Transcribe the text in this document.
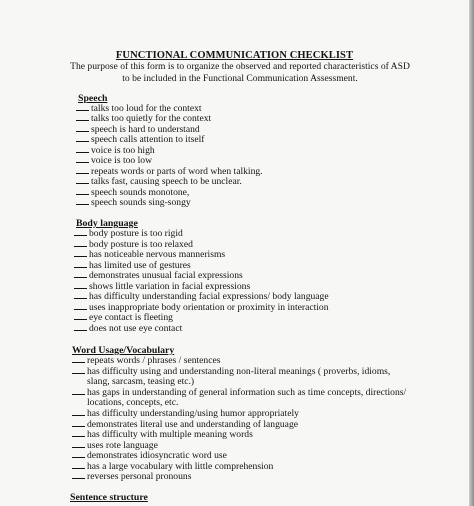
FUNCTIONAL COMMUNICATION CHECKLIST
The purpose of this form is to organize the observed and reported characteristics of ASD
to be included in the Functional Communication Assessment.
Speech
talks too loud for the context
talks too quietly for the context
speech is hard to understand
speech calls attention to itself
voice is too high
voice is too low
repeats words or parts of word when talking.
talks fast, causing speech to be unclear.
speech sounds monotone,
speech sounds sing-songy
Body language
body posture is too rigid
body posture is too relaxed
has noticeable nervous mannerisms
has limited use of gestures
demonstrates unusual facial expressions
shows little variation in facial expressions
has difficulty understanding facial expressions/ body language
uses inappropriate body orientation or proximity in interaction
eye contact is fleeting
does not use eye contact
Word Usage/Vocabulary
repeats words / phrases / sentences
has difficulty using and understanding non-literal meanings ( proverbs, idioms,
slang, sarcasm, teasing etc.)
has gaps in understanding of general information such as time concepts, directions/
locations, concepts, etc.
has difficulty understanding/using humor appropriately
demonstrates literal use and understanding of language
has difficulty with multiple meaning words
uses rote language
demonstrates idiosyncratic word use
has a large vocabulary with little comprehension
reverses personal pronouns
Sentence structure
